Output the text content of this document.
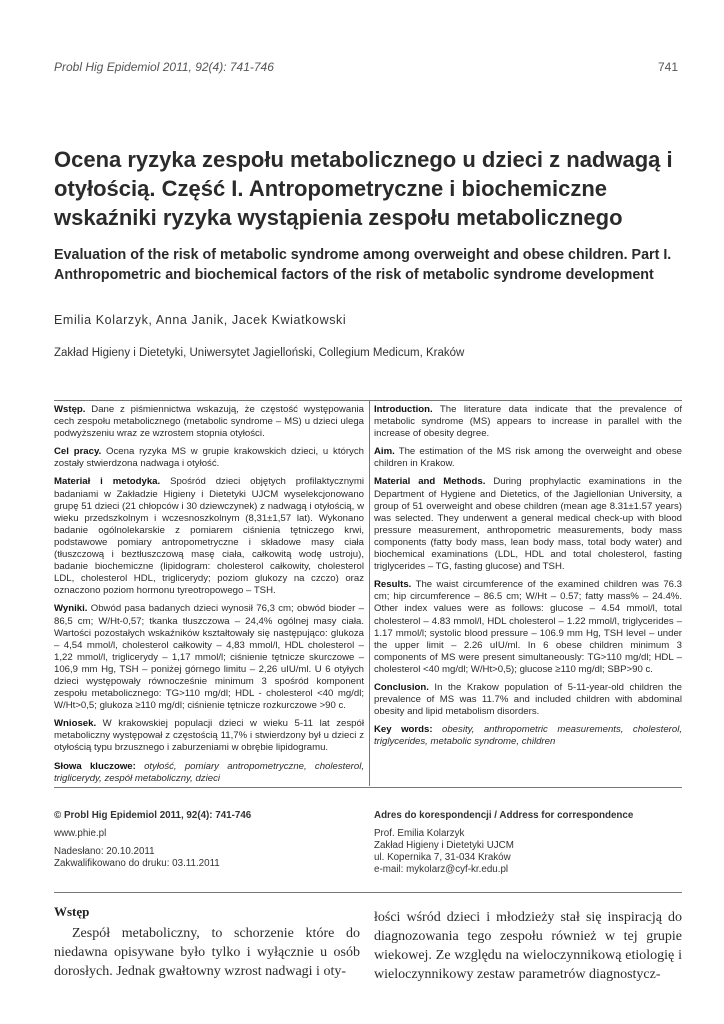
Probl Hig Epidemiol 2011, 92(4): 741-746	741
Ocena ryzyka zespołu metabolicznego u dzieci z nadwagą i otyłością. Część I. Antropometryczne i biochemiczne wskaźniki ryzyka wystąpienia zespołu metabolicznego
Evaluation of the risk of metabolic syndrome among overweight and obese children. Part I. Anthropometric and biochemical factors of the risk of metabolic syndrome development
Emilia Kolarzyk, Anna Janik, Jacek Kwiatkowski
Zakład Higieny i Dietetyki, Uniwersytet Jagielloński, Collegium Medicum, Kraków

Wstęp. Dane z piśmiennictwa wskazują, że częstość występowania cech zespołu metabolicznego (metabolic syndrome – MS) u dzieci ulega podwyższeniu wraz ze wzrostem stopnia otyłości.

Cel pracy. Ocena ryzyka MS w grupie krakowskich dzieci, u których zostały stwierdzona nadwaga i otyłość.

Materiał i metodyka. Spośród dzieci objętych profilaktycznymi badaniami w Zakładzie Higieny i Dietetyki UJCM wyselekcjonowano grupę 51 dzieci (21 chłopców i 30 dziewczynek) z nadwagą i otyłością, w wieku przedszkolnym i wczesnoszkolnym (8,31±1,57 lat). Wykonano badanie ogólnolekarskie z pomiarem ciśnienia tętniczego krwi, podstawowe pomiary antropometryczne i składowe masy ciała (tłuszczową i beztłuszczową masę ciała, całkowitą wodę ustroju), badanie biochemiczne (lipidogram: cholesterol całkowity, cholesterol LDL, cholesterol HDL, triglicerydy; poziom glukozy na czczo) oraz oznaczono poziom hormonu tyreotropowego – TSH.

Wyniki. Obwód pasa badanych dzieci wynosił 76,3 cm; obwód bioder – 86,5 cm; W/Ht-0,57; tkanka tłuszczowa – 24,4% ogólnej masy ciała. Wartości pozostałych wskaźników kształtowały się następująco: glukoza – 4,54 mmol/l, cholesterol całkowity – 4,83 mmol/l, HDL cholesterol – 1,22 mmol/l, triglicerydy – 1,17 mmol/l; ciśnienie tętnicze skurczowe – 106,9 mm Hg, TSH – poniżej górnego limitu – 2,26 uIU/ml. U 6 otyłych dzieci występowały równocześnie minimum 3 spośród komponent zespołu metabolicznego: TG>110 mg/dl; HDL - cholesterol <40 mg/dl; W/Ht>0,5; glukoza ≥110 mg/dl; ciśnienie tętnicze rozkurczowe >90 c.

Wniosek. W krakowskiej populacji dzieci w wieku 5-11 lat zespół metaboliczny występował z częstością 11,7% i stwierdzony był u dzieci z otyłością typu brzusznego i zaburzeniami w obrębie lipidogramu.

Słowa kluczowe: otyłość, pomiary antropometryczne, cholesterol, triglicerydy, zespół metaboliczny, dzieci

Introduction. The literature data indicate that the prevalence of metabolic syndrome (MS) appears to increase in parallel with the increase of obesity degree.

Aim. The estimation of the MS risk among the overweight and obese children in Krakow.

Material and Methods. During prophylactic examinations in the Department of Hygiene and Dietetics, of the Jagiellonian University, a group of 51 overweight and obese children (mean age 8.31±1.57 years) was selected. They underwent a general medical check-up with blood pressure measurement, anthropometric measurements, body mass components (fatty body mass, lean body mass, total body water) and biochemical examinations (LDL, HDL and total cholesterol, fasting triglycerides – TG, fasting glucose) and TSH.

Results. The waist circumference of the examined children was 76.3 cm; hip circumference – 86.5 cm; W/Ht – 0.57; fatty mass% – 24.4%. Other index values were as follows: glucose – 4.54 mmol/l, total cholesterol – 4.83 mmol/l, HDL cholesterol – 1.22 mmol/l, triglycerides – 1.17 mmol/l; systolic blood pressure – 106.9 mm Hg, TSH level – under the upper limit – 2.26 uIU/ml. In 6 obese children minimum 3 components of MS were present simultaneously: TG>110 mg/dl; HDL – cholesterol <40 mg/dl; W/Ht>0,5); glucose ≥110 mg/dl; SBP>90 c.

Conclusion. In the Krakow population of 5-11-year-old children the prevalence of MS was 11.7% and included children with abdominal obesity and lipid metabolism disorders.

Key words: obesity, anthropometric measurements, cholesterol, triglycerides, metabolic syndrome, children

© Probl Hig Epidemiol 2011, 92(4): 741-746

www.phie.pl

Nadesłano: 20.10.2011
Zakwalifikowano do druku: 03.11.2011

Adres do korespondencji / Address for correspondence

Prof. Emilia Kolarzyk
Zakład Higieny i Dietetyki UJCM
ul. Kopernika 7, 31-034 Kraków
e-mail: mykolarz@cyf-kr.edu.pl
Wstęp
Zespół metaboliczny, to schorzenie które do niedawna opisywane było tylko i wyłącznie u osób dorosłych. Jednak gwałtowny wzrost nadwagi i oty-
łości wśród dzieci i młodzieży stał się inspiracją do diagnozowania tego zespołu również w tej grupie wiekowej. Ze względu na wieloczynnikową etiologię i wieloczynnikowy zestaw parametrów diagnostycz-
